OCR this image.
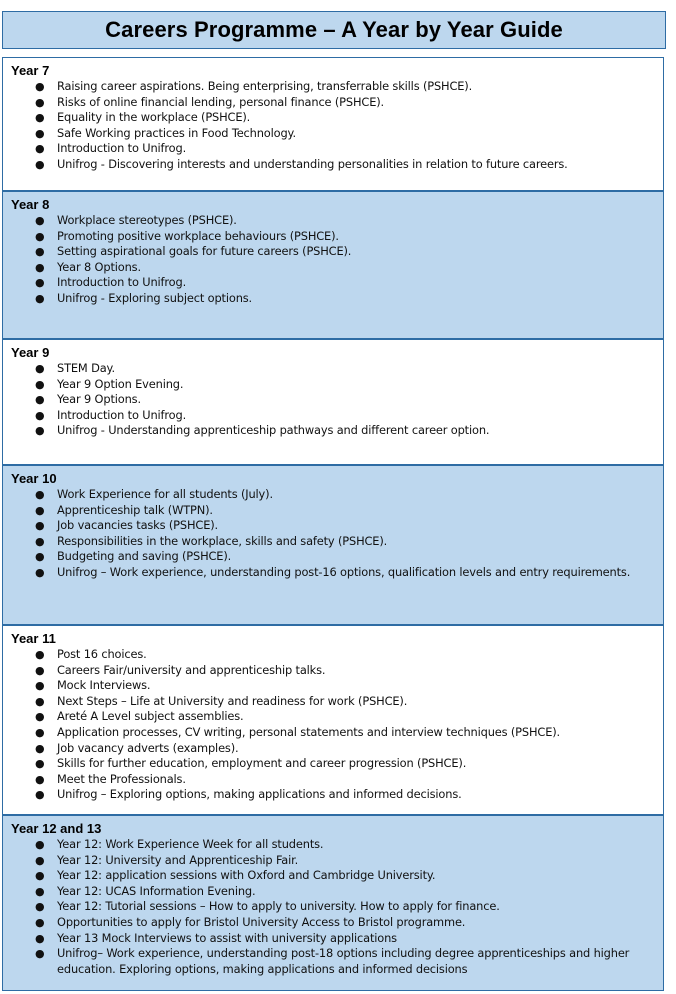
Careers Programme – A Year by Year Guide
Year 7
● Raising career aspirations. Being enterprising, transferrable skills (PSHCE).
● Risks of online financial lending, personal finance (PSHCE).
● Equality in the workplace (PSHCE).
● Safe Working practices in Food Technology.
● Introduction to Unifrog.
● Unifrog - Discovering interests and understanding personalities in relation to future careers.
Year 8
● Workplace stereotypes (PSHCE).
● Promoting positive workplace behaviours (PSHCE).
● Setting aspirational goals for future careers (PSHCE).
● Year 8 Options.
● Introduction to Unifrog.
● Unifrog - Exploring subject options.
Year 9
● STEM Day.
● Year 9 Option Evening.
● Year 9 Options.
● Introduction to Unifrog.
● Unifrog - Understanding apprenticeship pathways and different career option.
Year 10
● Work Experience for all students (July).
● Apprenticeship talk (WTPN).
● Job vacancies tasks (PSHCE).
● Responsibilities in the workplace, skills and safety (PSHCE).
● Budgeting and saving (PSHCE).
● Unifrog – Work experience, understanding post-16 options, qualification levels and entry requirements.
Year 11
● Post 16 choices.
● Careers Fair/university and apprenticeship talks.
● Mock Interviews.
● Next Steps – Life at University and readiness for work (PSHCE).
● Areté A Level subject assemblies.
● Application processes, CV writing, personal statements and interview techniques (PSHCE).
● Job vacancy adverts (examples).
● Skills for further education, employment and career progression (PSHCE).
● Meet the Professionals.
● Unifrog – Exploring options, making applications and informed decisions.
Year 12 and 13
● Year 12: Work Experience Week for all students.
● Year 12: University and Apprenticeship Fair.
● Year 12: application sessions with Oxford and Cambridge University.
● Year 12: UCAS Information Evening.
● Year 12: Tutorial sessions – How to apply to university. How to apply for finance.
● Opportunities to apply for Bristol University Access to Bristol programme.
● Year 13 Mock Interviews to assist with university applications
● Unifrog– Work experience, understanding post-18 options including degree apprenticeships and higher education. Exploring options, making applications and informed decisions
